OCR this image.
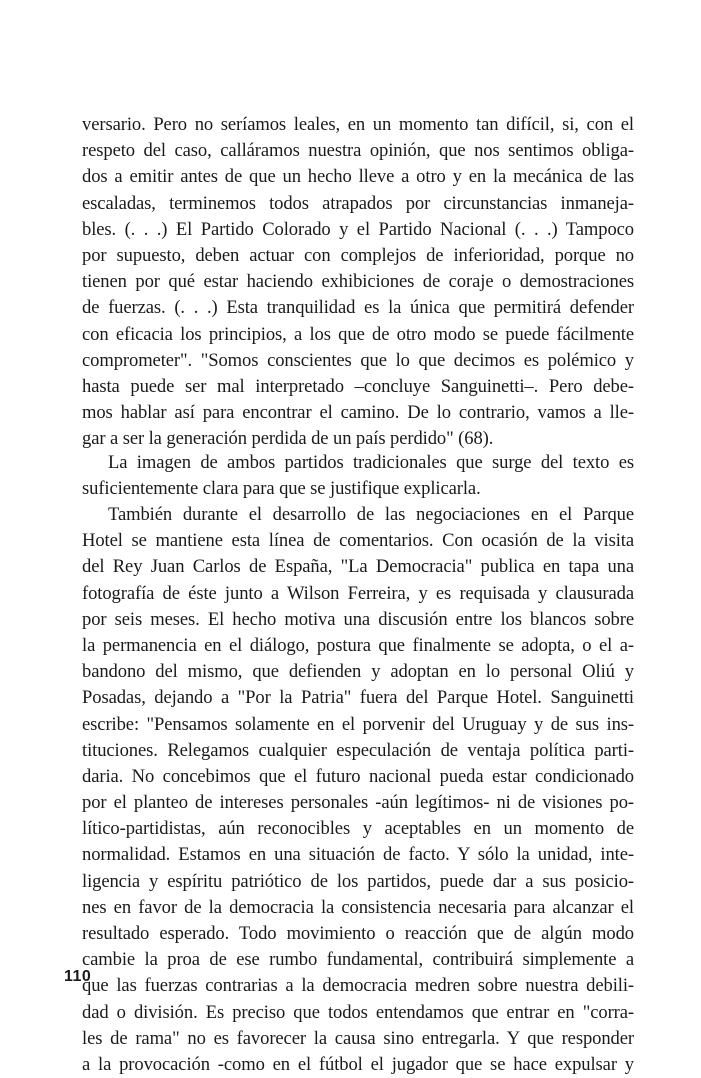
versario. Pero no seríamos leales, en un momento tan difícil, si, con el
respeto del caso, calláramos nuestra opinión, que nos sentimos obliga-
dos a emitir antes de que un hecho lleve a otro y en la mecánica de las
escaladas, terminemos todos atrapados por circunstancias inmaneja-
bles. (. . .) El Partido Colorado y el Partido Nacional (. . .) Tampoco
por supuesto, deben actuar con complejos de inferioridad, porque no
tienen por qué estar haciendo exhibiciones de coraje o demostraciones
de fuerzas. (. . .) Esta tranquilidad es la única que permitirá defender
con eficacia los principios, a los que de otro modo se puede fácilmente
comprometer". "Somos conscientes que lo que decimos es polémico y
hasta puede ser mal interpretado –concluye Sanguinetti–. Pero debe-
mos hablar así para encontrar el camino. De lo contrario, vamos a lle-
gar a ser la generación perdida de un país perdido" (68).
La imagen de ambos partidos tradicionales que surge del texto es
suficientemente clara para que se justifique explicarla.
También durante el desarrollo de las negociaciones en el Parque
Hotel se mantiene esta línea de comentarios. Con ocasión de la visita
del Rey Juan Carlos de España, "La Democracia" publica en tapa una
fotografía de éste junto a Wilson Ferreira, y es requisada y clausurada
por seis meses. El hecho motiva una discusión entre los blancos sobre
la permanencia en el diálogo, postura que finalmente se adopta, o el a-
bandono del mismo, que defienden y adoptan en lo personal Oliú y
Posadas, dejando a "Por la Patria" fuera del Parque Hotel. Sanguinetti
escribe: "Pensamos solamente en el porvenir del Uruguay y de sus ins-
tituciones. Relegamos cualquier especulación de ventaja política parti-
daria. No concebimos que el futuro nacional pueda estar condicionado
por el planteo de intereses personales -aún legítimos- ni de visiones po-
lítico-partidistas, aún reconocibles y aceptables en un momento de
normalidad. Estamos en una situación de facto. Y sólo la unidad, inte-
ligencia y espíritu patriótico de los partidos, puede dar a sus posicio-
nes en favor de la democracia la consistencia necesaria para alcanzar el
resultado esperado. Todo movimiento o reacción que de algún modo
cambie la proa de ese rumbo fundamental, contribuirá simplemente a
que las fuerzas contrarias a la democracia medren sobre nuestra debili-
dad o división. Es preciso que todos entendamos que entrar en "corra-
les de rama" no es favorecer la causa sino entregarla. Y que responder
a la provocación -como en el fútbol el jugador que se hace expulsar y
110
